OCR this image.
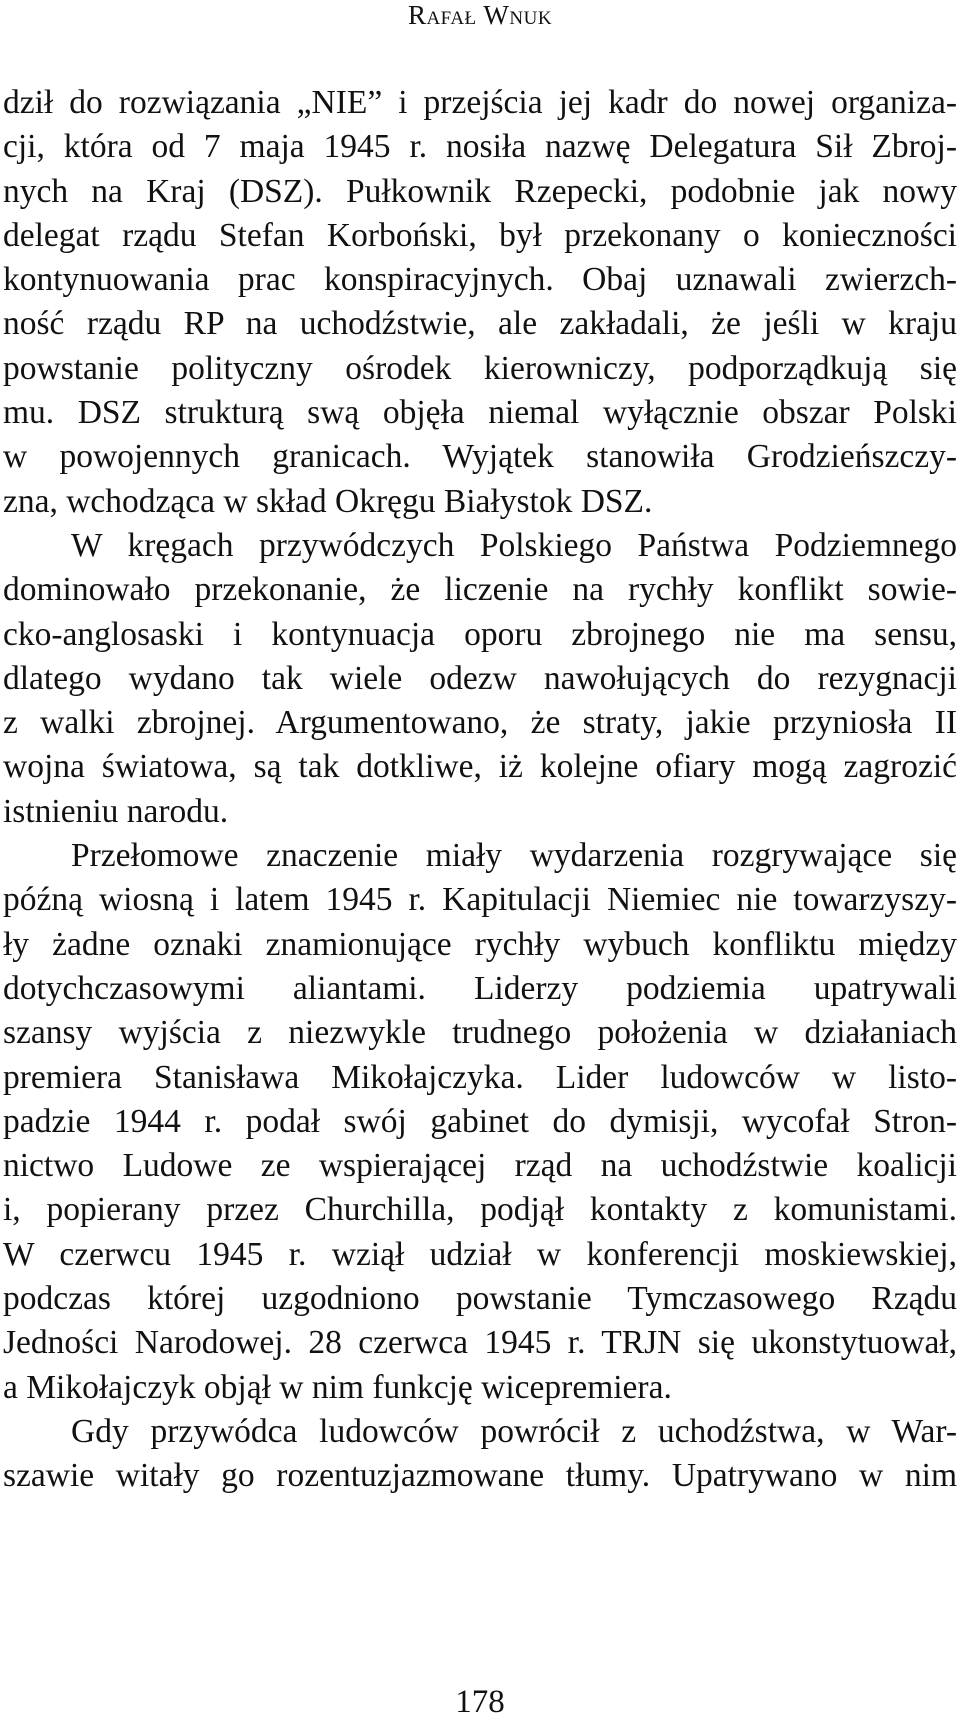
Rafał Wnuk
dził do rozwiązania „NIE” i przejścia jej kadr do nowej organiza-
cji, która od 7 maja 1945 r. nosiła nazwę Delegatura Sił Zbroj-
nych na Kraj (DSZ). Pułkownik Rzepecki, podobnie jak nowy
delegat rządu Stefan Korboński, był przekonany o konieczności
kontynuowania prac konspiracyjnych. Obaj uznawali zwierzch-
ność rządu RP na uchodźstwie, ale zakładali, że jeśli w kraju
powstanie polityczny ośrodek kierowniczy, podporządkują się
mu. DSZ strukturą swą objęła niemal wyłącznie obszar Polski
w powojennych granicach. Wyjątek stanowiła Grodzieńszczy-
zna, wchodząca w skład Okręgu Białystok DSZ.
W kręgach przywódczych Polskiego Państwa Podziemnego
dominowało przekonanie, że liczenie na rychły konflikt sowie-
cko-anglosaski i kontynuacja oporu zbrojnego nie ma sensu,
dlatego wydano tak wiele odezw nawołujących do rezygnacji
z walki zbrojnej. Argumentowano, że straty, jakie przyniosła II
wojna światowa, są tak dotkliwe, iż kolejne ofiary mogą zagrozić
istnieniu narodu.
Przełomowe znaczenie miały wydarzenia rozgrywające się
późną wiosną i latem 1945 r. Kapitulacji Niemiec nie towarzyszy-
ły żadne oznaki znamionujące rychły wybuch konfliktu między
dotychczasowymi aliantami. Liderzy podziemia upatrywali
szansy wyjścia z niezwykle trudnego położenia w działaniach
premiera Stanisława Mikołajczyka. Lider ludowców w listo-
padzie 1944 r. podał swój gabinet do dymisji, wycofał Stron-
nictwo Ludowe ze wspierającej rząd na uchodźstwie koalicji
i, popierany przez Churchilla, podjął kontakty z komunistami.
W czerwcu 1945 r. wziął udział w konferencji moskiewskiej,
podczas której uzgodniono powstanie Tymczasowego Rządu
Jedności Narodowej. 28 czerwca 1945 r. TRJN się ukonstytuował,
a Mikołajczyk objął w nim funkcję wicepremiera.
Gdy przywódca ludowców powrócił z uchodźstwa, w War-
szawie witały go rozentuzjazmowane tłumy. Upatrywano w nim
178
